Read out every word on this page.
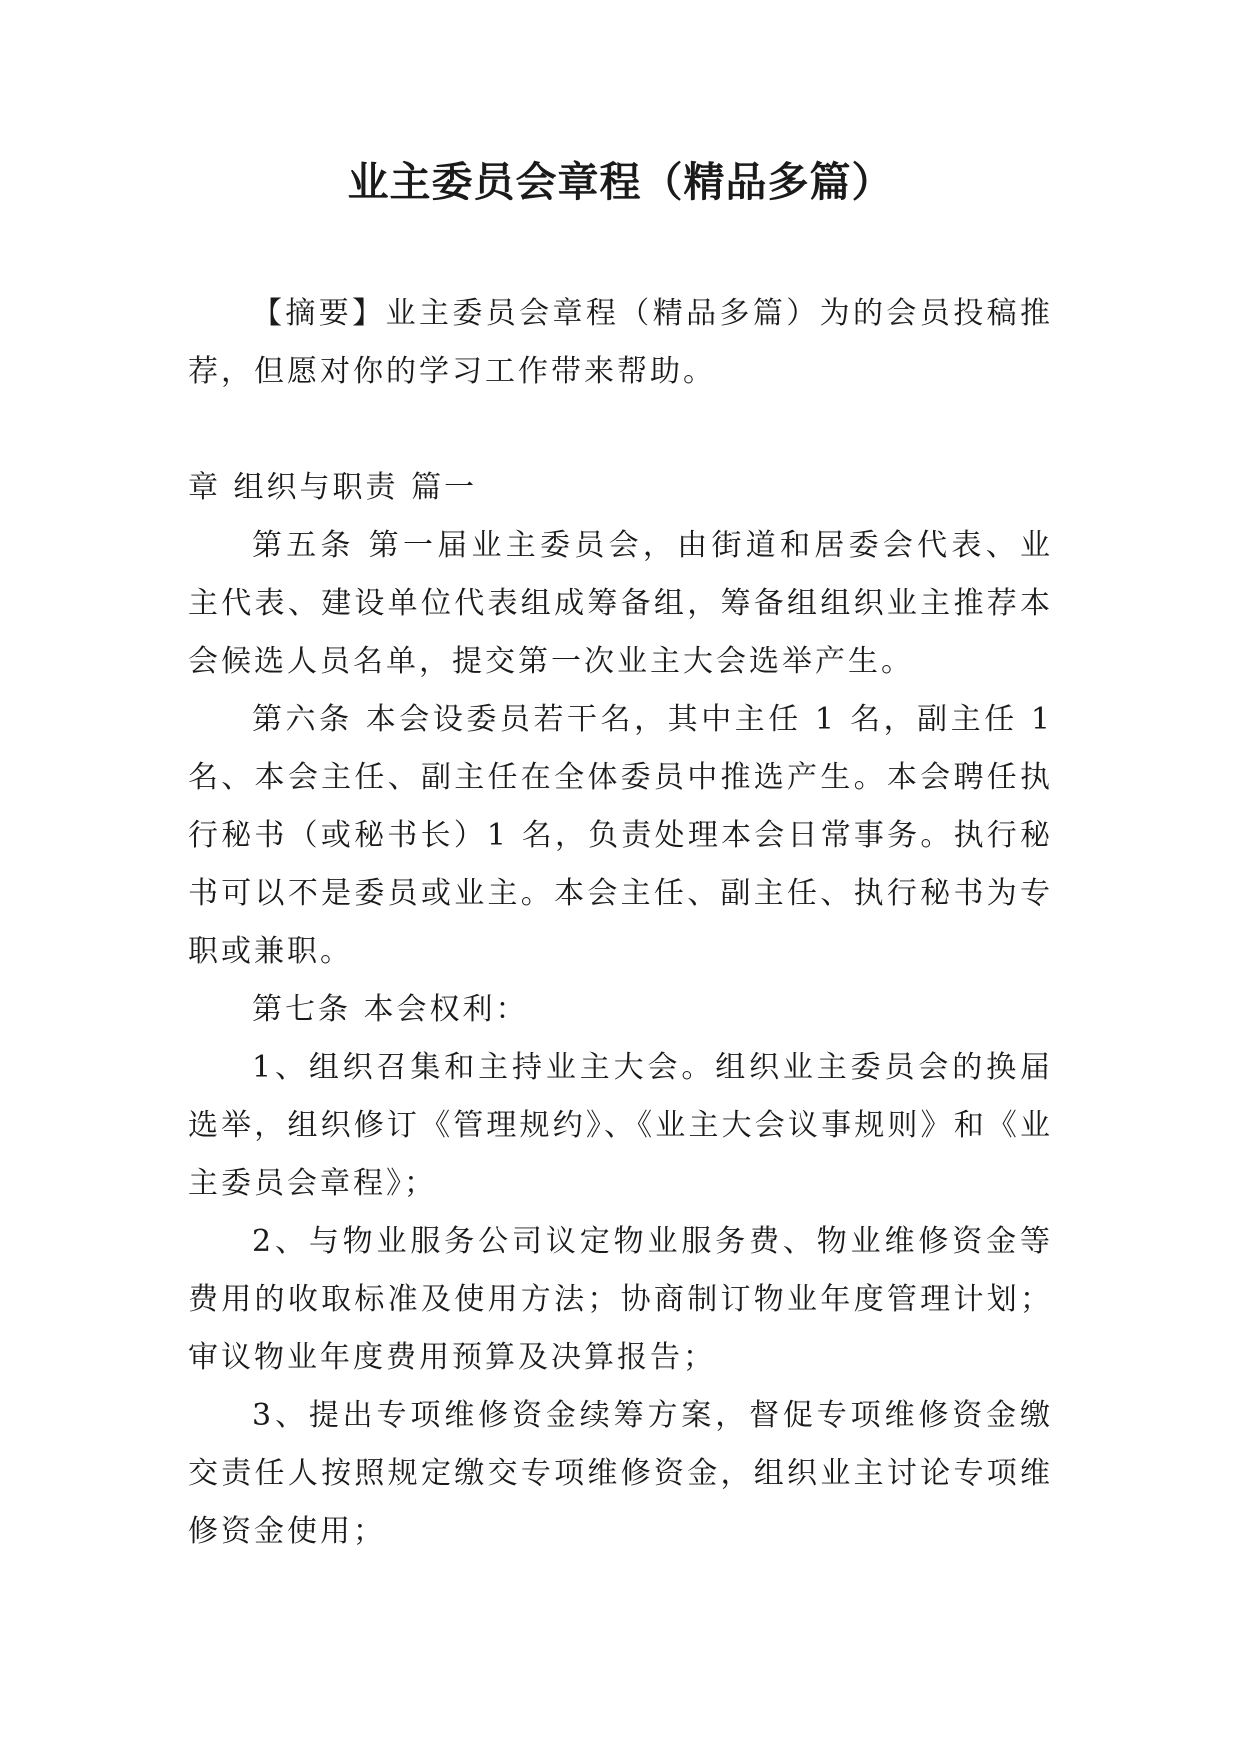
业主委员会章程（精品多篇）

【摘要】业主委员会章程（精品多篇）为的会员投稿推荐，但愿对你的学习工作带来帮助。

章 组织与职责 篇一

第五条 第一届业主委员会，由街道和居委会代表、业主代表、建设单位代表组成筹备组，筹备组组织业主推荐本会候选人员名单，提交第一次业主大会选举产生。

第六条 本会设委员若干名，其中主任 1 名，副主任 1 名、本会主任、副主任在全体委员中推选产生。本会聘任执行秘书（或秘书长）1 名，负责处理本会日常事务。执行秘书可以不是委员或业主。本会主任、副主任、执行秘书为专职或兼职。

第七条 本会权利：

1、组织召集和主持业主大会。组织业主委员会的换届选举，组织修订《管理规约》、《业主大会议事规则》和《业主委员会章程》；

2、与物业服务公司议定物业服务费、物业维修资金等费用的收取标准及使用方法；协商制订物业年度管理计划；审议物业年度费用预算及决算报告；

3、提出专项维修资金续筹方案，督促专项维修资金缴交责任人按照规定缴交专项维修资金，组织业主讨论专项维修资金使用；
